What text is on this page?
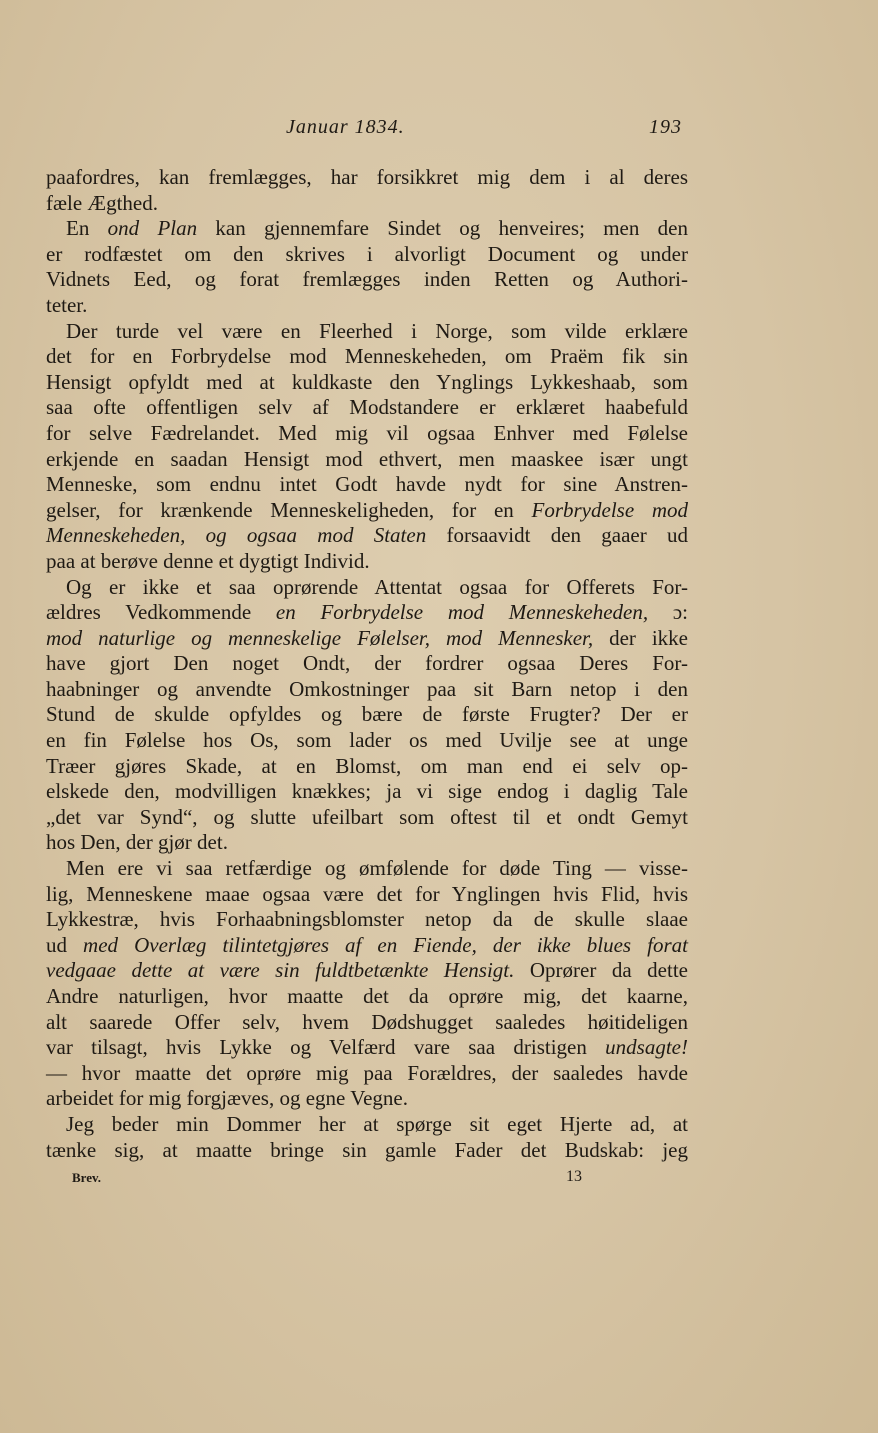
Januar 1834.	193

paafordres, kan fremlægges, har forsikkret mig dem i al deres
fæle Ægthed.

En ond Plan kan gjennemfare Sindet og henveires; men den
er rodfæstet om den skrives i alvorligt Document og under
Vidnets Eed, og forat fremlægges inden Retten og Authori-
teter.

Der turde vel være en Fleerhed i Norge, som vilde erklære
det for en Forbrydelse mod Menneskeheden, om Praëm fik sin
Hensigt opfyldt med at kuldkaste den Ynglings Lykkeshaab, som
saa ofte offentligen selv af Modstandere er erklæret haabefuld
for selve Fædrelandet. Med mig vil ogsaa Enhver med Følelse
erkjende en saadan Hensigt mod ethvert, men maaskee især ungt
Menneske, som endnu intet Godt havde nydt for sine Anstren-
gelser, for krænkende Menneskeligheden, for en Forbrydelse mod
Menneskeheden, og ogsaa mod Staten forsaavidt den gaaer ud
paa at berøve denne et dygtigt Individ.

Og er ikke et saa oprørende Attentat ogsaa for Offerets For-
ældres Vedkommende en Forbrydelse mod Menneskeheden, ɔ:
mod naturlige og menneskelige Følelser, mod Mennesker, der ikke
have gjort Den noget Ondt, der fordrer ogsaa Deres For-
haabninger og anvendte Omkostninger paa sit Barn netop i den
Stund de skulde opfyldes og bære de første Frugter? Der er
en fin Følelse hos Os, som lader os med Uvilje see at unge
Træer gjøres Skade, at en Blomst, om man end ei selv op-
elskede den, modvilligen knækkes; ja vi sige endog i daglig Tale
„det var Synd“, og slutte ufeilbart som oftest til et ondt Gemyt
hos Den, der gjør det.

Men ere vi saa retfærdige og ømfølende for døde Ting — visse-
lig, Menneskene maae ogsaa være det for Ynglingen hvis Flid, hvis
Lykkestræ, hvis Forhaabningsblomster netop da de skulle slaae
ud med Overlæg tilintetgjøres af en Fiende, der ikke blues forat
vedgaae dette at være sin fuldtbetænkte Hensigt. Oprører da dette
Andre naturligen, hvor maatte det da oprøre mig, det kaarne,
alt saarede Offer selv, hvem Dødshugget saaledes høitideligen
var tilsagt, hvis Lykke og Velfærd vare saa dristigen undsagte!
— hvor maatte det oprøre mig paa Forældres, der saaledes havde
arbeidet for mig forgjæves, og egne Vegne.

Jeg beder min Dommer her at spørge sit eget Hjerte ad, at
tænke sig, at maatte bringe sin gamle Fader det Budskab: jeg

Brev.	13
